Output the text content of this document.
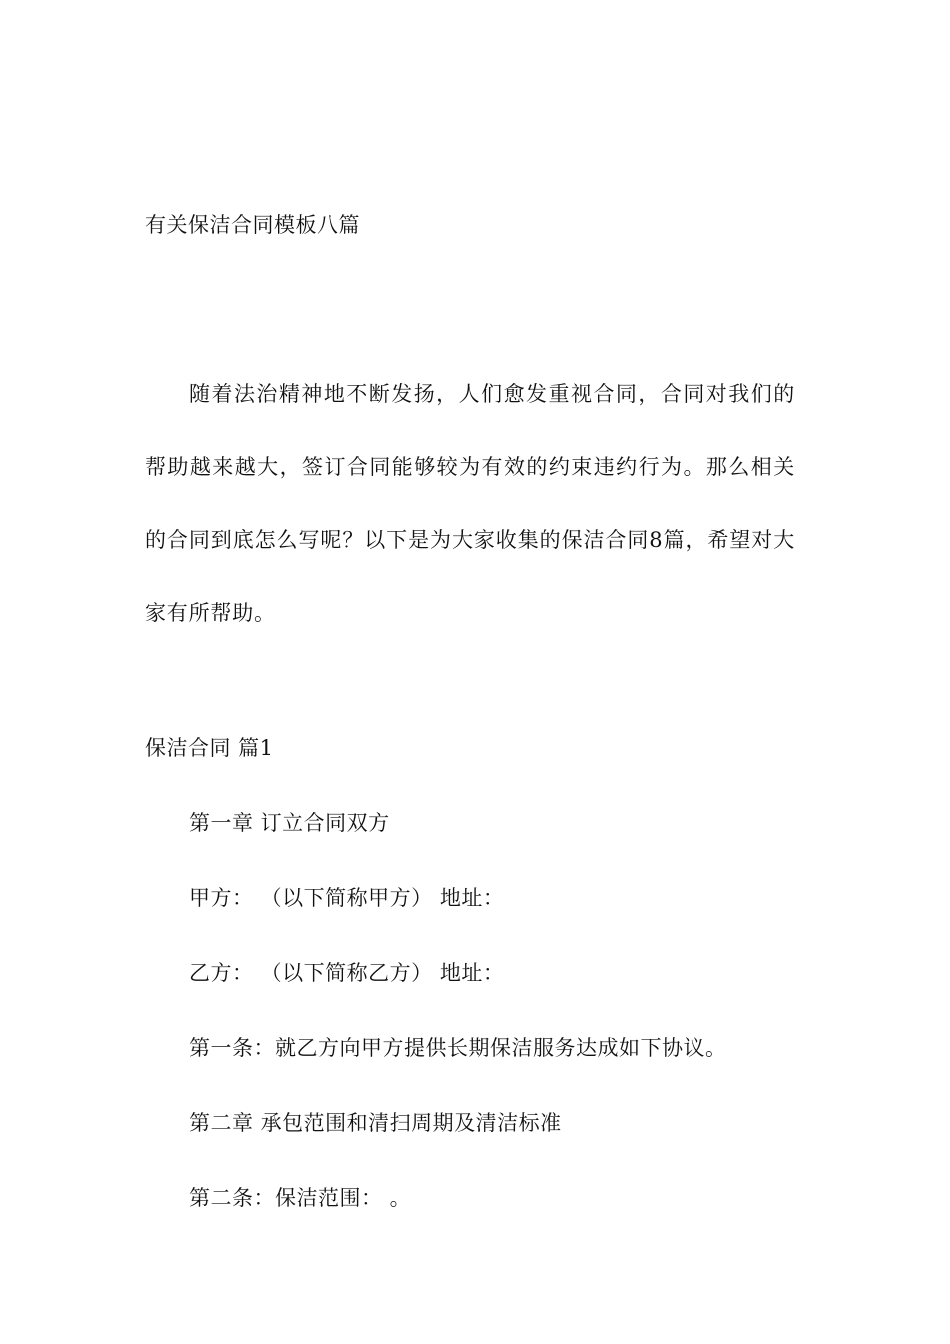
有关保洁合同模板八篇
随着法治精神地不断发扬，人们愈发重视合同，合同对我们的帮助越来越大，签订合同能够较为有效的约束违约行为。那么相关的合同到底怎么写呢？以下是为大家收集的保洁合同8篇，希望对大家有所帮助。
保洁合同 篇1
第一章 订立合同双方
甲方： （以下简称甲方） 地址：
乙方： （以下简称乙方） 地址：
第一条：就乙方向甲方提供长期保洁服务达成如下协议。
第二章 承包范围和清扫周期及清洁标准
第二条：保洁范围： 。
